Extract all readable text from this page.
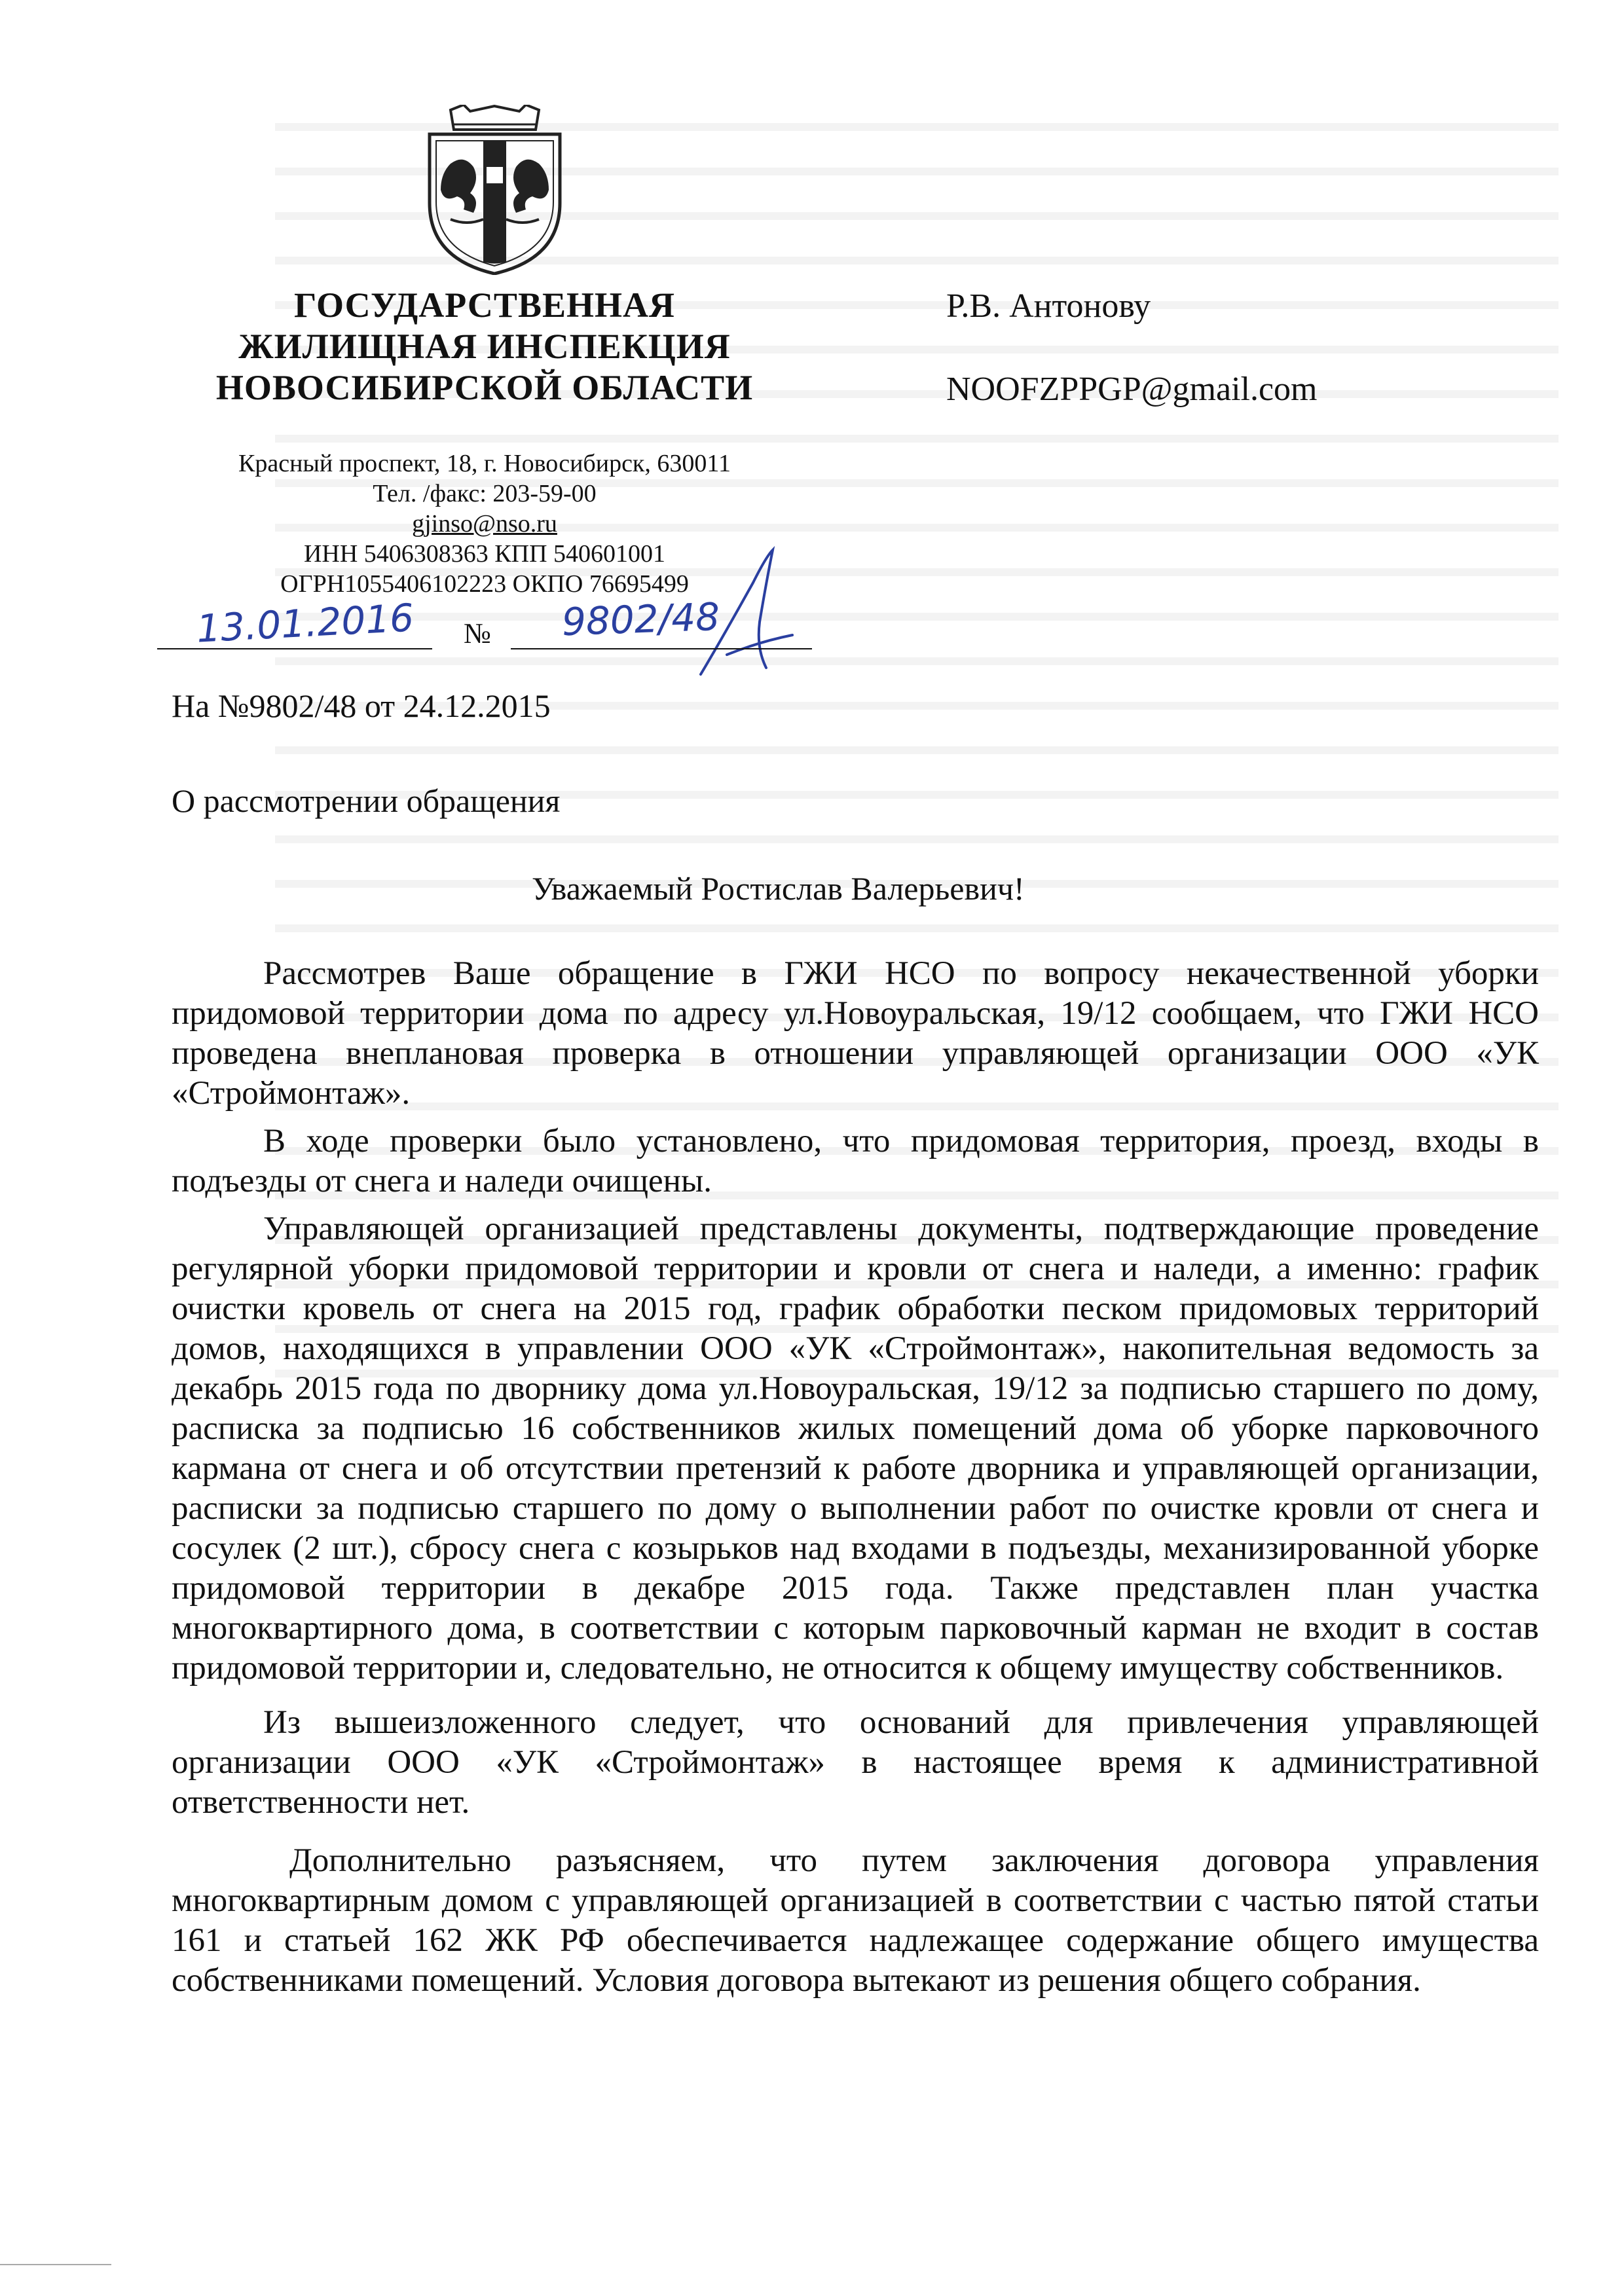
ГОСУДАРСТВЕННАЯ
ЖИЛИЩНАЯ ИНСПЕКЦИЯ
НОВОСИБИРСКОЙ ОБЛАСТИ
Р.В. Антонову
NOOFZPPGP@gmail.com
Красный проспект, 18, г. Новосибирск, 630011
Тел. /факс: 203-59-00
gjinso@nso.ru
ИНН 5406308363 КПП 540601001
ОГРН1055406102223 ОКПО 76695499
№
13.01.2016	9802/48
На №9802/48 от 24.12.2015
О рассмотрении обращения
Уважаемый Ростислав Валерьевич!

Рассмотрев Ваше обращение в ГЖИ НСО по вопросу некачественной уборки придомовой территории дома по адресу ул.Новоуральская, 19/12 сообщаем, что ГЖИ НСО проведена внеплановая проверка в отношении управляющей организации ООО «УК «Строймонтаж».

В ходе проверки было установлено, что придомовая территория, проезд, входы в подъезды от снега и наледи очищены.

Управляющей организацией представлены документы, подтверждающие проведение регулярной уборки придомовой территории и кровли от снега и наледи, а именно: график очистки кровель от снега на 2015 год, график обработки песком придомовых территорий домов, находящихся в управлении ООО «УК «Строймонтаж», накопительная ведомость за декабрь 2015 года по дворнику дома ул.Новоуральская, 19/12 за подписью старшего по дому, расписка за подписью 16 собственников жилых помещений дома об уборке парковочного кармана от снега и об отсутствии претензий к работе дворника и управляющей организации, расписки за подписью старшего по дому о выполнении работ по очистке кровли от снега и сосулек (2 шт.), сбросу снега с козырьков над входами в подъезды, механизированной уборке придомовой территории в декабре 2015 года. Также представлен план участка многоквартирного дома, в соответствии с которым парковочный карман не входит в состав придомовой территории и, следовательно, не относится к общему имуществу собственников.

Из вышеизложенного следует, что оснований для привлечения управляющей организации ООО «УК «Строймонтаж» в настоящее время к административной ответственности нет.

Дополнительно разъясняем, что путем заключения договора управления многоквартирным домом с управляющей организацией в соответствии с частью пятой статьи 161 и статьей 162 ЖК РФ обеспечивается надлежащее содержание общего имущества собственниками помещений. Условия договора вытекают из решения общего собрания.
